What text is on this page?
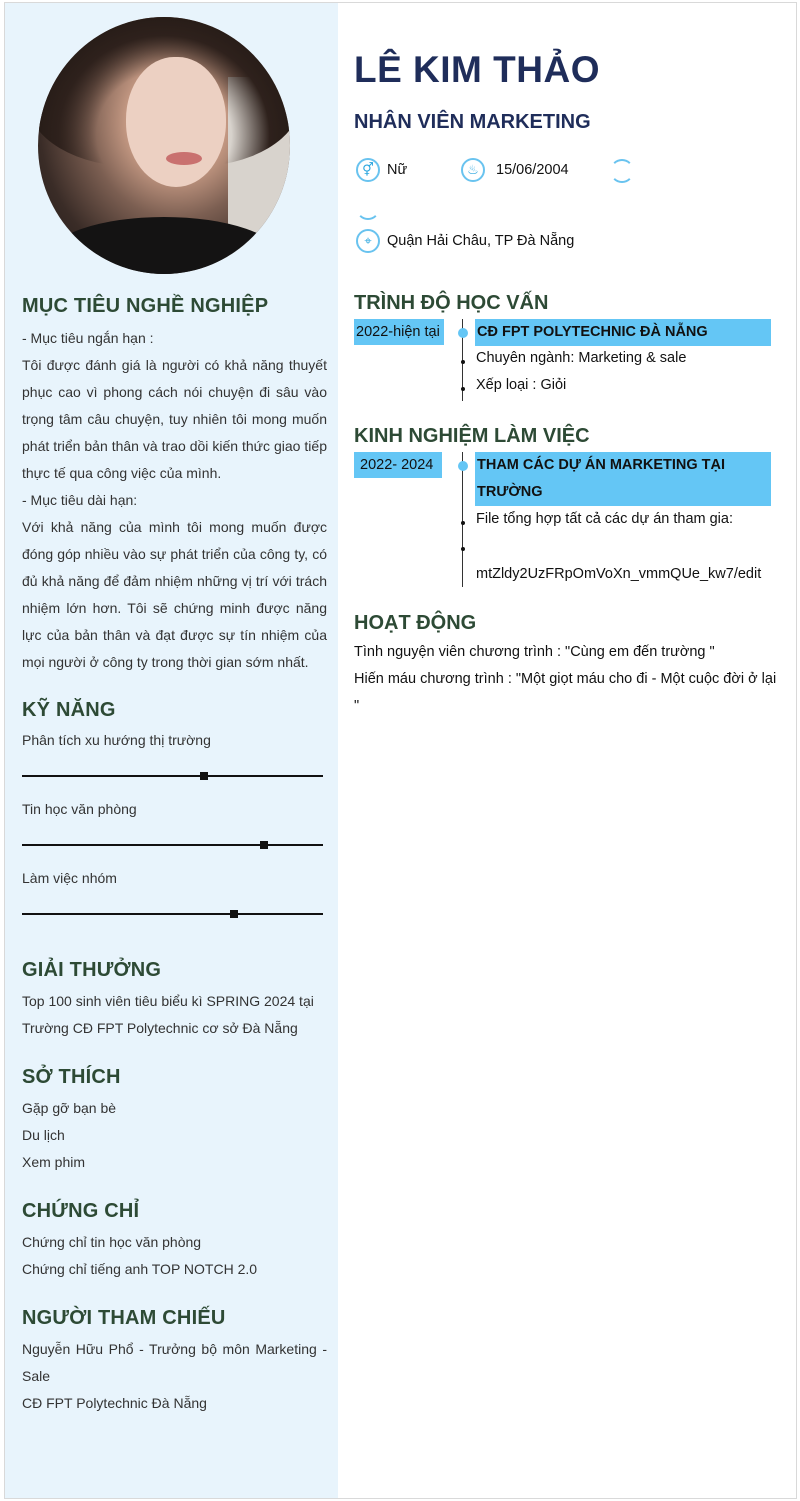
MỤC TIÊU NGHỀ NGHIỆP

- Mục tiêu ngắn hạn :

Tôi được đánh giá là người có khả năng thuyết phục cao vì phong cách nói chuyện đi sâu vào trọng tâm câu chuyện, tuy nhiên tôi mong muốn phát triển bản thân và trao dồi kiến thức giao tiếp thực tế qua công việc của mình.

- Mục tiêu dài hạn:

Với khả năng của mình tôi mong muốn được đóng góp nhiều vào sự phát triển của công ty, có đủ khả năng để đảm nhiệm những vị trí với trách nhiệm lớn hơn. Tôi sẽ chứng minh được năng lực của bản thân và đạt được sự tín nhiệm của mọi người ở công ty trong thời gian sớm nhất.

KỸ NĂNG
Phân tích xu hướng thị trường
Tin học văn phòng
Làm việc nhóm
GIẢI THƯỞNG

Top 100 sinh viên tiêu biểu kì SPRING 2024 tại Trường CĐ FPT Polytechnic cơ sở Đà Nẵng

SỞ THÍCH

Gặp gỡ bạn bè

Du lịch

Xem phim

CHỨNG CHỈ

Chứng chỉ tin học văn phòng

Chứng chỉ tiếng anh TOP NOTCH 2.0

NGƯỜI THAM CHIẾU

Nguyễn Hữu Phổ - Trưởng bộ môn Marketing - Sale

CĐ FPT Polytechnic Đà Nẵng

LÊ KIM THẢO
NHÂN VIÊN MARKETING
⚥ Nữ	♨	15/06/2004
⌖	Quận Hải Châu, TP Đà Nẵng
TRÌNH ĐỘ HỌC VẤN
2022-hiện tại	CĐ FPT POLYTECHNIC ĐÀ NẴNG
Chuyên ngành: Marketing & sale
Xếp loại : Giỏi
KINH NGHIỆM LÀM VIỆC
2022- 2024	THAM CÁC DỰ ÁN MARKETING TẠI
TRƯỜNG
File tổng hợp tất cả các dự án tham gia:
mtZldy2UzFRpOmVoXn_vmmQUe_kw7/edit
HOẠT ĐỘNG

Tình nguyện viên chương trình : "Cùng em đến trường "

Hiến máu chương trình : "Một giọt máu cho đi - Một cuộc đời ở lại "
